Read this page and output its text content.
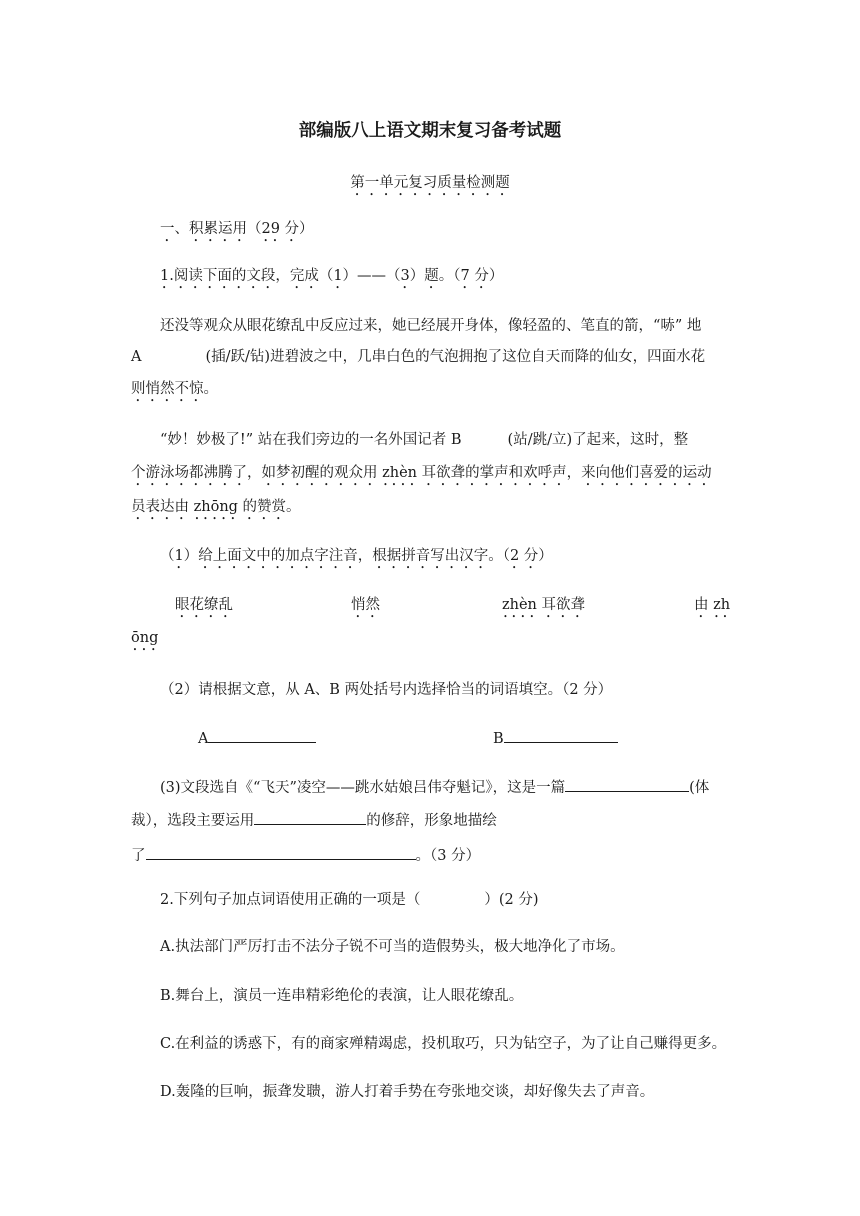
部编版八上语文期末复习备考试题
第一单元复习质量检测题
一、积累运用（29 分）
1.阅读下面的文段，完成（1）——（3）题。（7 分）
还没等观众从眼花缭乱中反应过来，她已经展开身体，像轻盈的、笔直的箭，“哧” 地
A	(插/跃/钻)进碧波之中，几串白色的气泡拥抱了这位自天而降的仙女，四面水花
则悄然不惊。
“妙！妙极了!” 站在我们旁边的一名外国记者 B	(站/跳/立)了起来，这时，整
个游泳场都沸腾了，如梦初醒的观众用 zhèn 耳欲聋的掌声和欢呼声，来向他们喜爱的运动
员表达由 zhōng 的赞赏。
（1）给上面文中的加点字注音，根据拼音写出汉字。（2 分）
眼花缭乱	悄然	zhèn 耳欲聋	由 zh
ōng
（2）请根据文意，从 A、B 两处括号内选择恰当的词语填空。（2 分）
A	B
(3)文段选自《“飞天”凌空——跳水姑娘吕伟夺魁记》，这是一篇	(体
裁），选段主要运用	的修辞，形象地描绘
了	。（3 分）
2.下列句子加点词语使用正确的一项是（	）(2 分)
A.执法部门严厉打击不法分子锐不可当的造假势头，极大地净化了市场。
B.舞台上，演员一连串精彩绝伦的表演，让人眼花缭乱。
C.在利益的诱惑下，有的商家殚精竭虑，投机取巧，只为钻空子，为了让自己赚得更多。
D.轰隆的巨响，振聋发聩，游人打着手势在夸张地交谈，却好像失去了声音。
